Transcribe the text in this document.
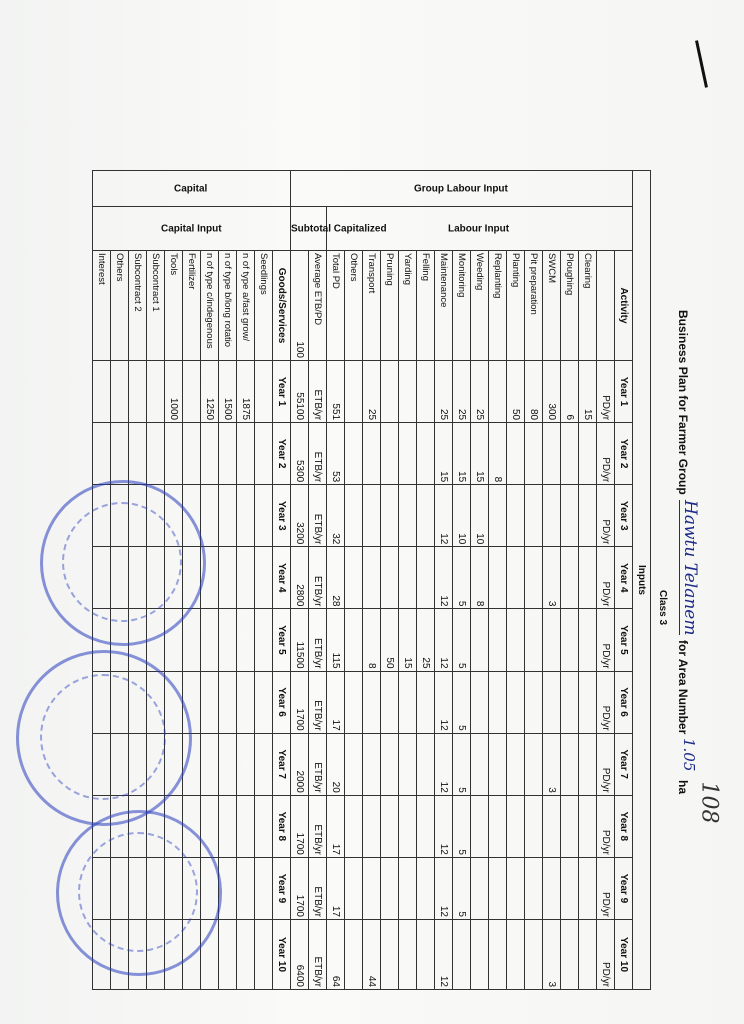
Business Plan for Farmer Group
Hawtu Telanem
for Area Number
1.05
ha
Class 3
Inputs												
Group Labour Input	Labour Input	Activity	Year 1	Year 2	Year 3	Year 4	Year 5	Year 6	Year 7	Year 8	Year 9	Year 10
			PD/yr	PD/yr	PD/yr	PD/yr	PD/yr	PD/yr	PD/yr	PD/yr	PD/yr	PD/yr
		Clearing	15									
		Ploughing	6									
		SWCM	300			3			3			3
		Pit preparation	80									
		Planting	50									
		Replanting		8								
		Weeding	25	15	10	8						
		Monitoring	25	15	10	5	5	5	5	5	5	
		Maintenance	25	15	12	12	12	12	12	12	12	12
		Felling					25					
		Yarding					15					
		Pruning					50					
		Transport	25				8					44
		Others										
		Total PD	551	53	32	28	115	17	20	17	17	64
	Subtotal Capitalized	Average ETB/PD	ETB/yr	ETB/yr	ETB/yr	ETB/yr	ETB/yr	ETB/yr	ETB/yr	ETB/yr	ETB/yr	ETB/yr
		100	55100	5300	3200	2800	11500	1700	2000	1700	1700	6400
Capital	Capital Input	Goods/Services	Year 1	Year 2	Year 3	Year 4	Year 5	Year 6	Year 7	Year 8	Year 9	Year 10
		Seedlings										
		n of type a/fast grow/	1875									
		n of type b/long rotatio	1500									
		n of type c/indegenous	1250									
		Fertilizer										
		Tools	1000									
		Subcontract 1										
		Subcontract 2										
		Others										
		Interest										
108
